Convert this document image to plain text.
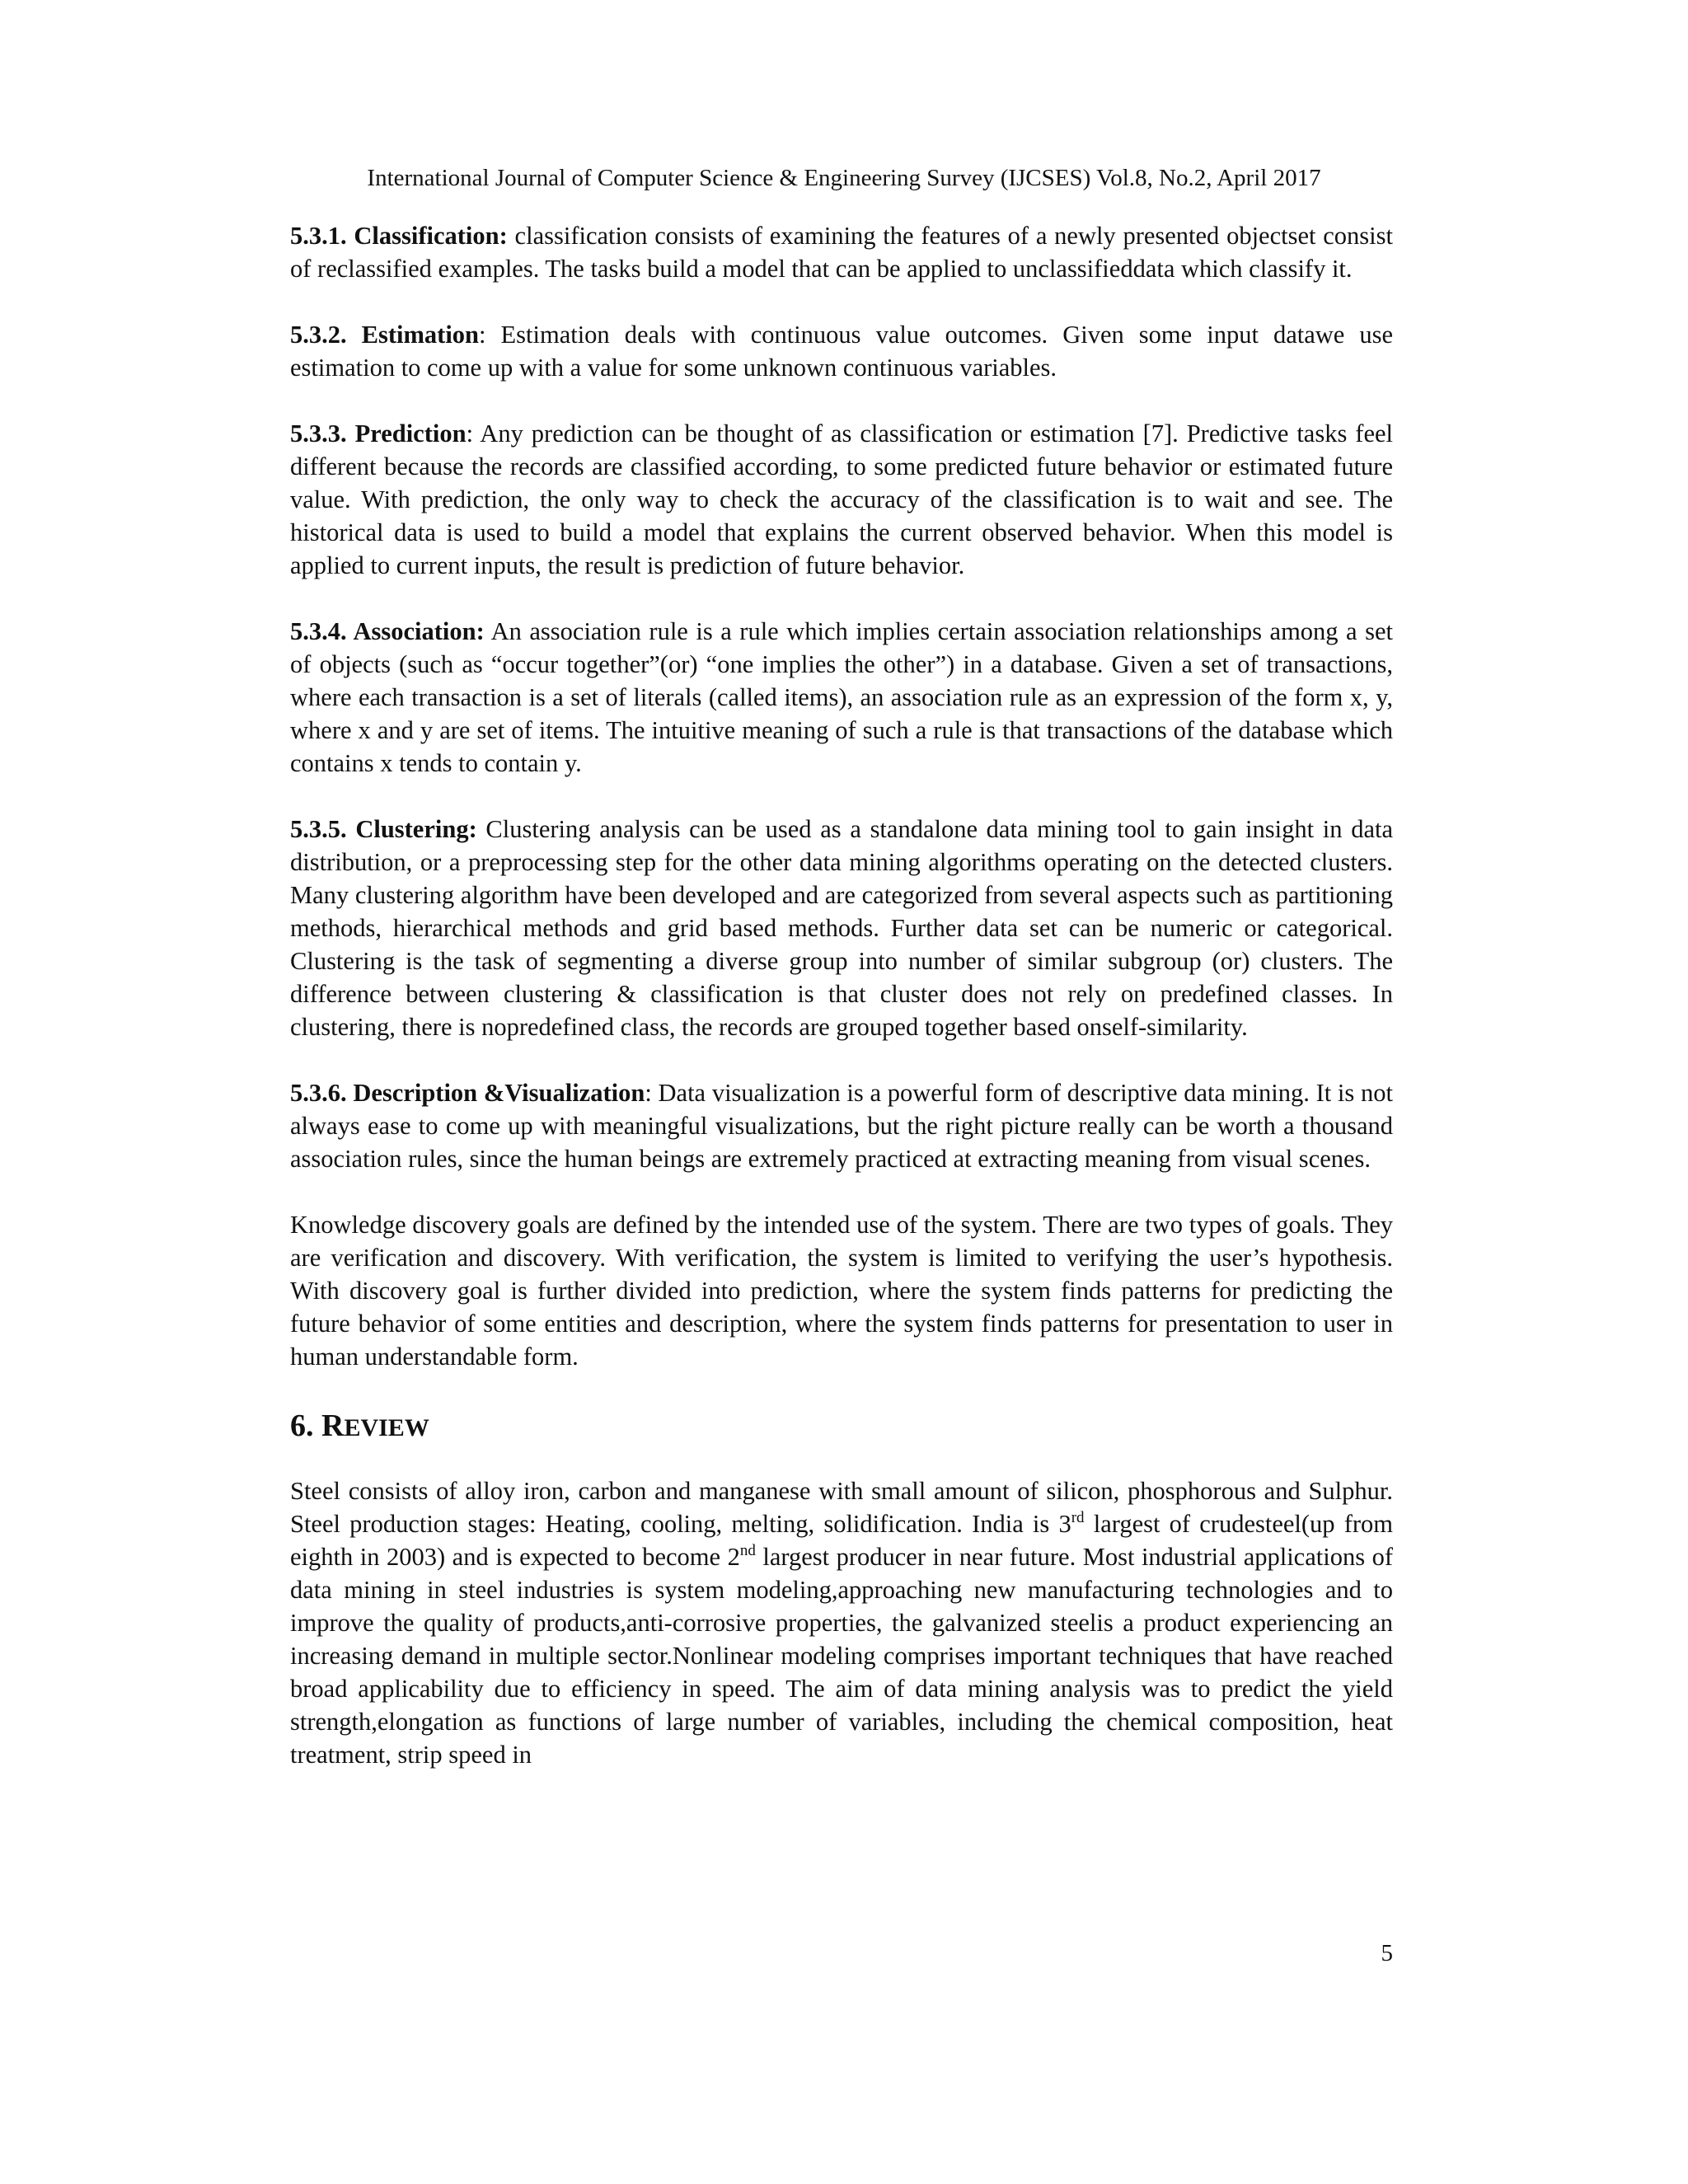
International Journal of Computer Science & Engineering Survey (IJCSES) Vol.8, No.2, April 2017

5.3.1. Classification: classification consists of examining the features of a newly presented objectset consist of reclassified examples. The tasks build a model that can be applied to unclassifieddata which classify it.

5.3.2. Estimation: Estimation deals with continuous value outcomes. Given some input datawe use estimation to come up with a value for some unknown continuous variables.

5.3.3. Prediction: Any prediction can be thought of as classification or estimation [7]. Predictive tasks feel different because the records are classified according, to some predicted future behavior or estimated future value. With prediction, the only way to check the accuracy of the classification is to wait and see. The historical data is used to build a model that explains the current observed behavior. When this model is applied to current inputs, the result is prediction of future behavior.

5.3.4. Association: An association rule is a rule which implies certain association relationships among a set of objects (such as “occur together”(or) “one implies the other”) in a database. Given a set of transactions, where each transaction is a set of literals (called items), an association rule as an expression of the form x, y, where x and y are set of items. The intuitive meaning of such a rule is that transactions of the database which contains x tends to contain y.

5.3.5. Clustering: Clustering analysis can be used as a standalone data mining tool to gain insight in data distribution, or a preprocessing step for the other data mining algorithms operating on the detected clusters. Many clustering algorithm have been developed and are categorized from several aspects such as partitioning methods, hierarchical methods and grid based methods. Further data set can be numeric or categorical. Clustering is the task of segmenting a diverse group into number of similar subgroup (or) clusters. The difference between clustering & classification is that cluster does not rely on predefined classes. In clustering, there is nopredefined class, the records are grouped together based onself-similarity.

5.3.6. Description &Visualization: Data visualization is a powerful form of descriptive data mining. It is not always ease to come up with meaningful visualizations, but the right picture really can be worth a thousand association rules, since the human beings are extremely practiced at extracting meaning from visual scenes.

Knowledge discovery goals are defined by the intended use of the system. There are two types of goals. They are verification and discovery. With verification, the system is limited to verifying the user’s hypothesis. With discovery goal is further divided into prediction, where the system finds patterns for predicting the future behavior of some entities and description, where the system finds patterns for presentation to user in human understandable form.

6. REVIEW

Steel consists of alloy iron, carbon and manganese with small amount of silicon, phosphorous and Sulphur. Steel production stages: Heating, cooling, melting, solidification. India is 3rd largest of crudesteel(up from eighth in 2003) and is expected to become 2nd largest producer in near future. Most industrial applications of data mining in steel industries is system modeling,approaching new manufacturing technologies and to improve the quality of products,anti-corrosive properties, the galvanized steelis a product experiencing an increasing demand in multiple sector.Nonlinear modeling comprises important techniques that have reached broad applicability due to efficiency in speed. The aim of data mining analysis was to predict the yield strength,elongation as functions of large number of variables, including the chemical composition, heat treatment, strip speed in

5
